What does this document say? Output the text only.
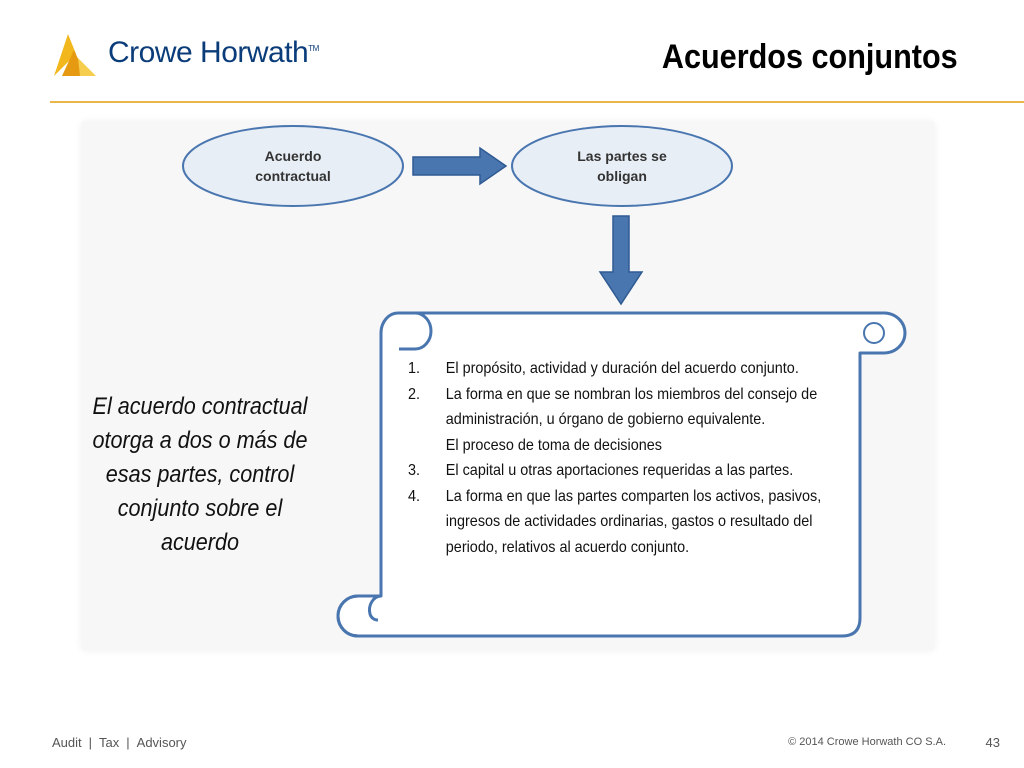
Crowe Horwath™	Acuerdos conjuntos
Acuerdo
contractual
Las partes se
obligan
El acuerdo contractual otorga a dos o más de esas partes, control conjunto sobre el acuerdo
1.	El propósito, actividad y duración del acuerdo conjunto.
2.	La forma en que se nombran los miembros del consejo de administración, u órgano de gobierno equivalente.
El proceso de toma de decisiones
3.	El capital u otras aportaciones requeridas a las partes.
4.	La forma en que las partes comparten los activos, pasivos, ingresos de actividades ordinarias, gastos o resultado del periodo, relativos al acuerdo conjunto.
Audit | Tax | Advisory	© 2014 Crowe Horwath CO S.A.	43
